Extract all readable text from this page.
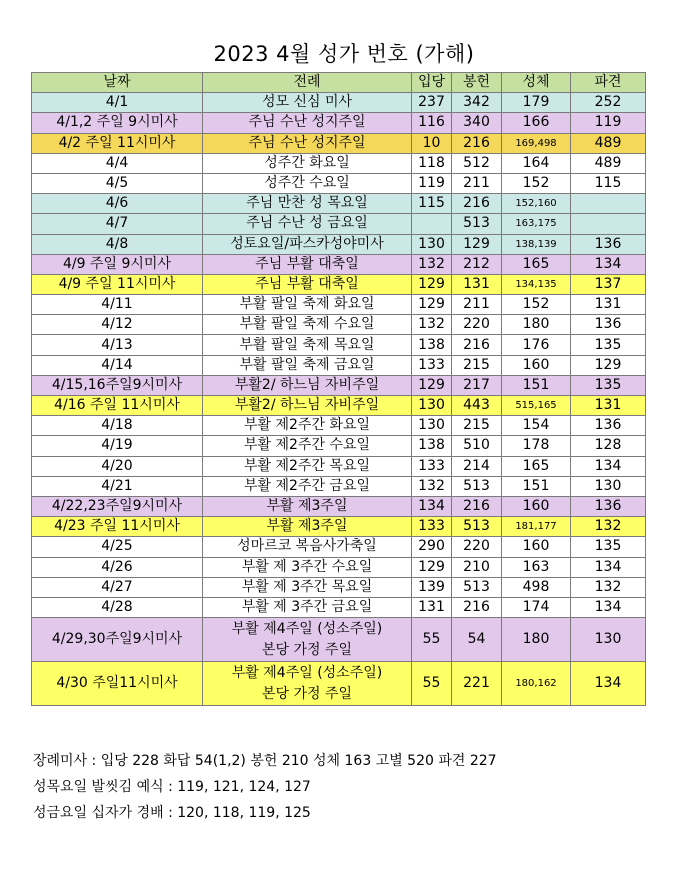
2023 4월 성가 번호 (가해)
날짜	전례	입당	봉헌	성체	파견
4/1	성모 신심 미사	237	342	179	252
4/1,2 주일 9시미사	주님 수난 성지주일	116	340	166	119
4/2 주일 11시미사	주님 수난 성지주일	10	216	169,498	489
4/4	성주간 화요일	118	512	164	489
4/5	성주간 수요일	119	211	152	115
4/6	주님 만찬 성 목요일	115	216	152,160	
4/7	주님 수난 성 금요일		513	163,175	
4/8	성토요일/파스카성야미사	130	129	138,139	136
4/9 주일 9시미사	주님 부활 대축일	132	212	165	134
4/9 주일 11시미사	주님 부활 대축일	129	131	134,135	137
4/11	부활 팔일 축제 화요일	129	211	152	131
4/12	부활 팔일 축제 수요일	132	220	180	136
4/13	부활 팔일 축제 목요일	138	216	176	135
4/14	부활 팔일 축제 금요일	133	215	160	129
4/15,16주일9시미사	부활2/ 하느님 자비주일	129	217	151	135
4/16 주일 11시미사	부활2/ 하느님 자비주일	130	443	515,165	131
4/18	부활 제2주간 화요일	130	215	154	136
4/19	부활 제2주간 수요일	138	510	178	128
4/20	부활 제2주간 목요일	133	214	165	134
4/21	부활 제2주간 금요일	132	513	151	130
4/22,23주일9시미사	부활 제3주일	134	216	160	136
4/23 주일 11시미사	부활 제3주일	133	513	181,177	132
4/25	성마르코 복음사가축일	290	220	160	135
4/26	부활 제 3주간 수요일	129	210	163	134
4/27	부활 제 3주간 목요일	139	513	498	132
4/28	부활 제 3주간 금요일	131	216	174	134
4/29,30주일9시미사	부활 제4주일 (성소주일)
본당 가정 주일	55	54	180	130
4/30 주일11시미사	부활 제4주일 (성소주일)
본당 가정 주일	55	221	180,162	134
장례미사 : 입당 228 화답 54(1,2) 봉헌 210 성체 163 고별 520 파견 227
성목요일 발씻김 예식 : 119, 121, 124, 127
성금요일 십자가 경배 : 120, 118, 119, 125
